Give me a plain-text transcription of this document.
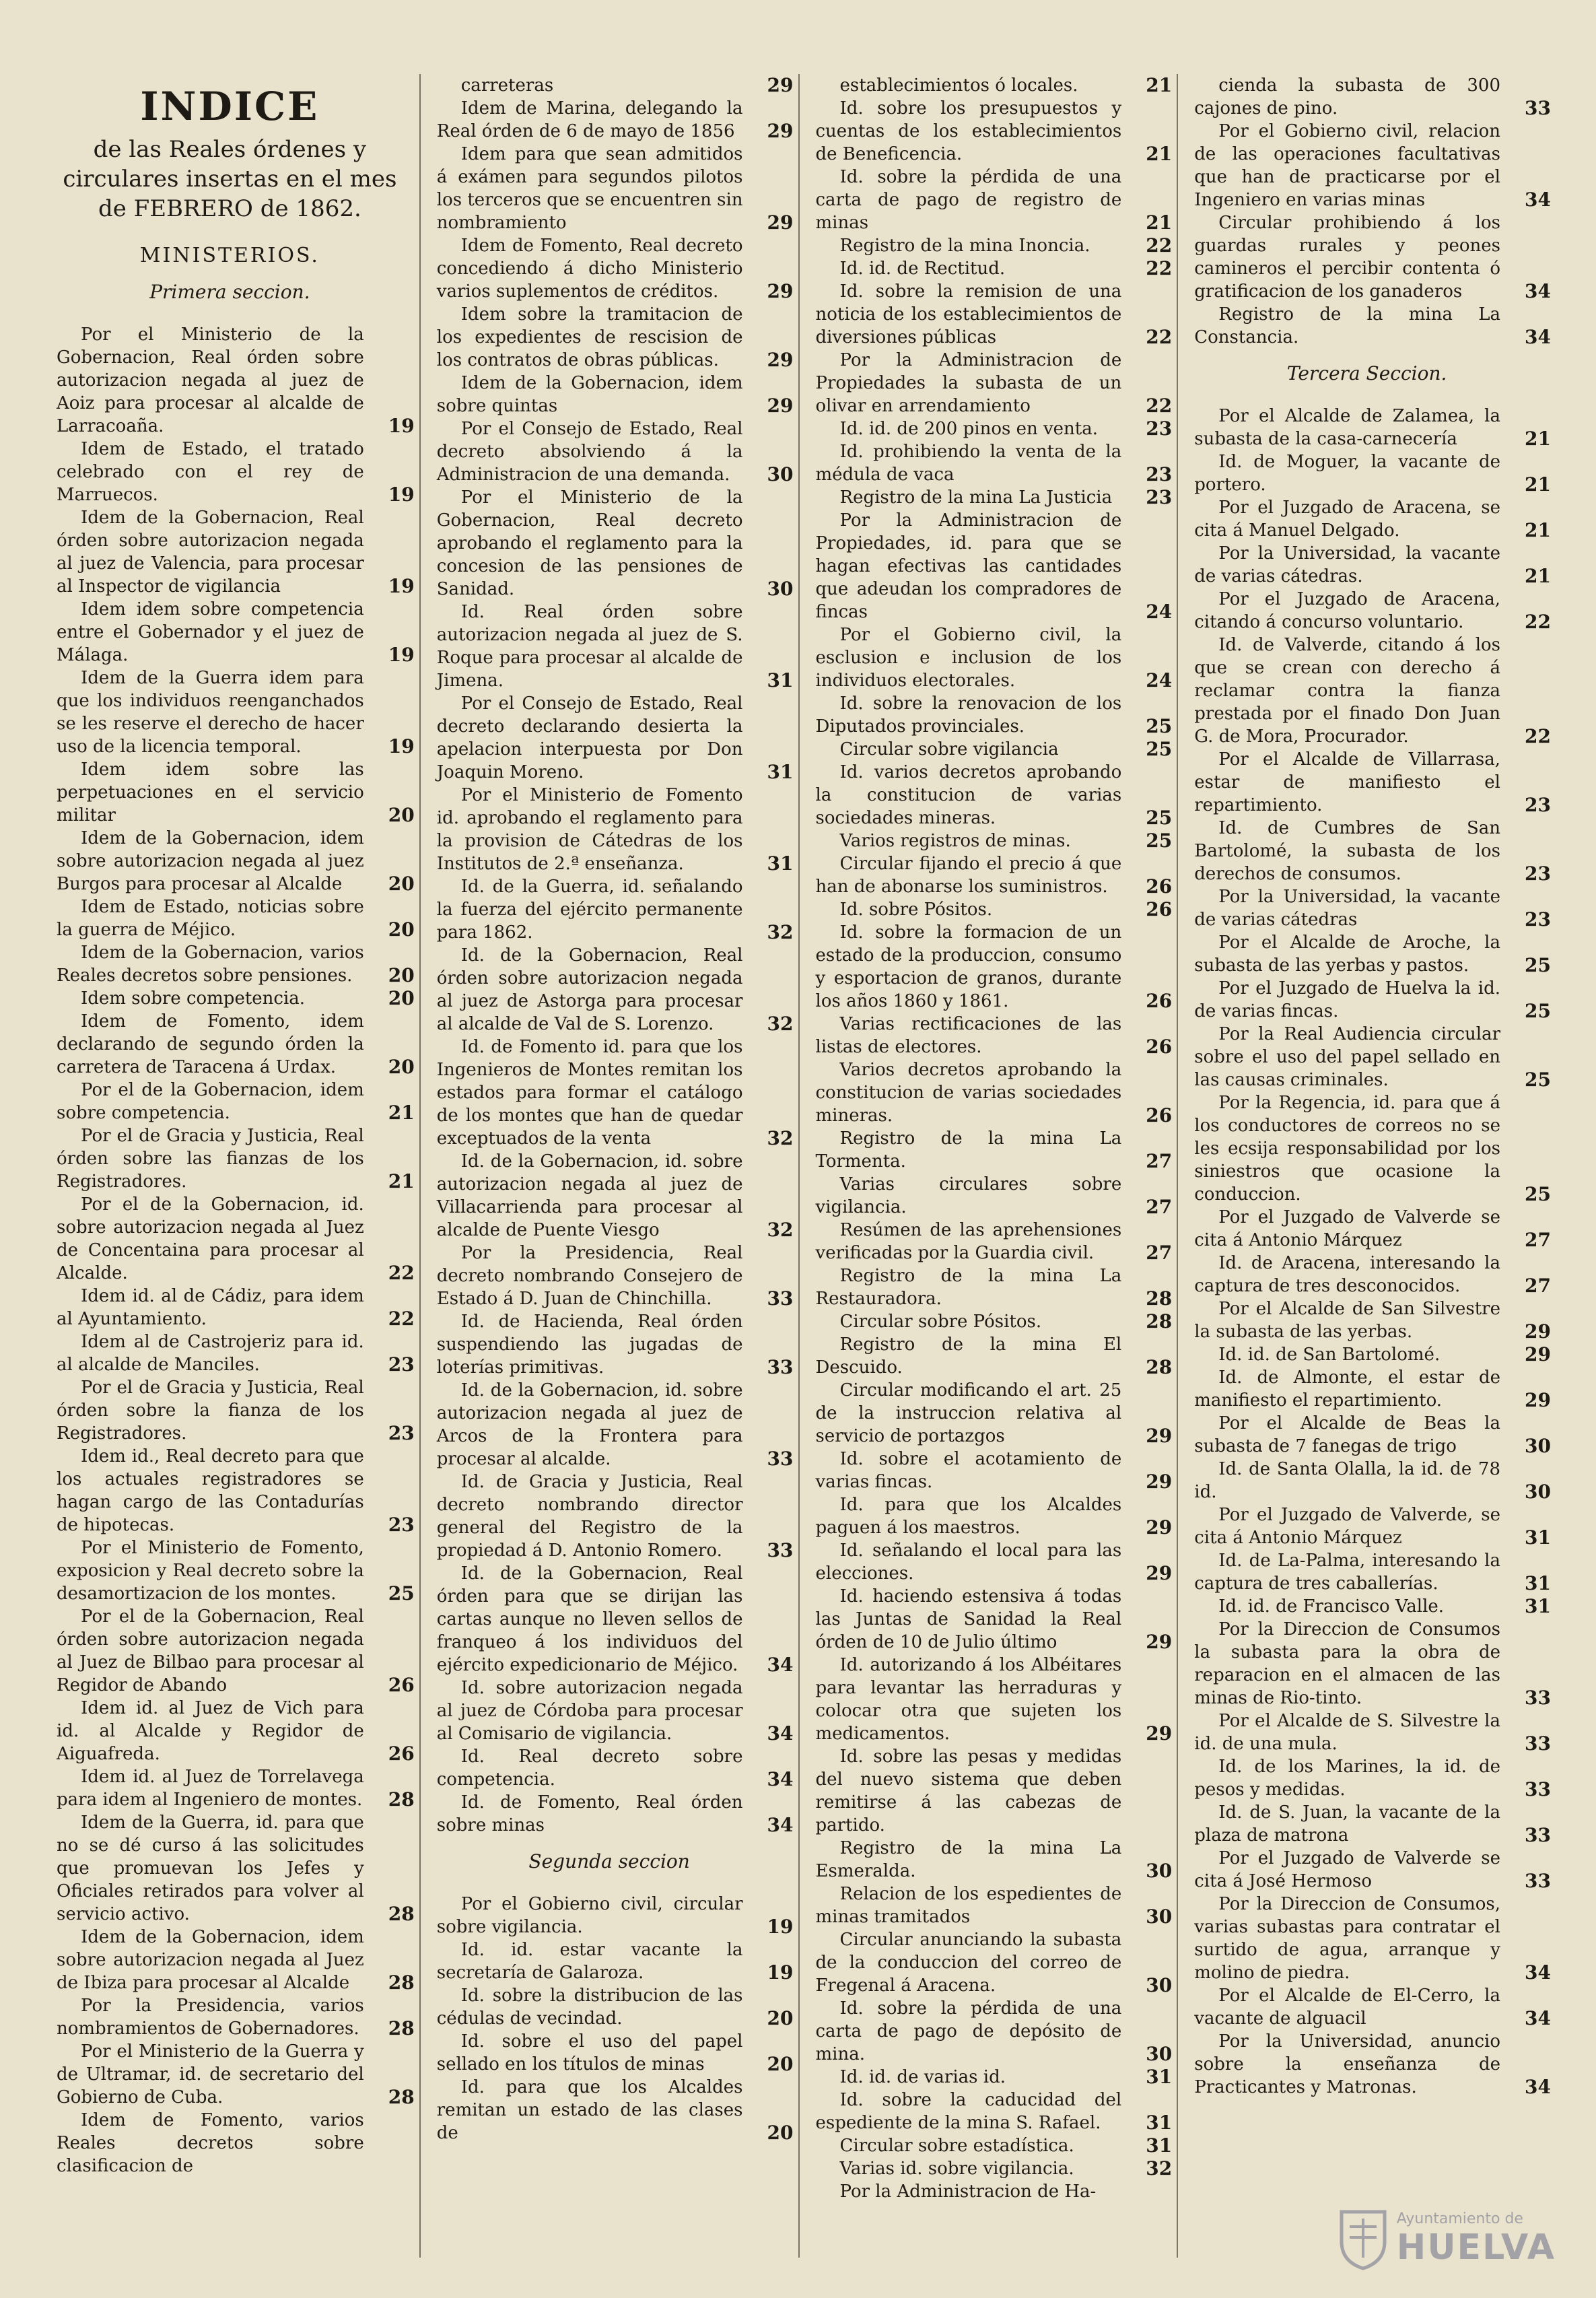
INDICE
de las Reales órdenes y circulares insertas en el mes de FEBRERO de 1862.
MINISTERIOS.
Primera seccion.
Por el Ministerio de la Gobernacion, Real órden sobre autorizacion negada al juez de Aoiz para procesar al alcalde de Larracoaña.	19
Idem de Estado, el tratado celebrado con el rey de Marruecos.	19
Idem de la Gobernacion, Real órden sobre autorizacion negada al juez de Valencia, para procesar al Inspector de vigilancia	19
Idem idem sobre competencia entre el Gobernador y el juez de Málaga.	19
Idem de la Guerra idem para que los individuos reenganchados se les reserve el derecho de hacer uso de la licencia temporal.	19
Idem idem sobre las perpetuaciones en el servicio militar	20
Idem de la Gobernacion, idem sobre autorizacion negada al juez Burgos para procesar al Alcalde	20
Idem de Estado, noticias sobre la guerra de Méjico.	20
Idem de la Gobernacion, varios Reales decretos sobre pensiones.	20
Idem sobre competencia.	20
Idem de Fomento, idem declarando de segundo órden la carretera de Taracena á Urdax.	20
Por el de la Gobernacion, idem sobre competencia.	21
Por el de Gracia y Justicia, Real órden sobre las fianzas de los Registradores.	21
Por el de la Gobernacion, id. sobre autorizacion negada al Juez de Concentaina para procesar al Alcalde.	22
Idem id. al de Cádiz, para idem al Ayuntamiento.	22
Idem al de Castrojeriz para id. al alcalde de Manciles.	23
Por el de Gracia y Justicia, Real órden sobre la fianza de los Registradores.	23
Idem id., Real decreto para que los actuales registradores se hagan cargo de las Contadurías de hipotecas.	23
Por el Ministerio de Fomento, exposicion y Real decreto sobre la desamortizacion de los montes.	25
Por el de la Gobernacion, Real órden sobre autorizacion negada al Juez de Bilbao para procesar al Regidor de Abando	26
Idem id. al Juez de Vich para id. al Alcalde y Regidor de Aiguafreda.	26
Idem id. al Juez de Torrelavega para idem al Ingeniero de montes.	28
Idem de la Guerra, id. para que no se dé curso á las solicitudes que promuevan los Jefes y Oficiales retirados para volver al servicio activo.	28
Idem de la Gobernacion, idem sobre autorizacion negada al Juez de Ibiza para procesar al Alcalde	28
Por la Presidencia, varios nombramientos de Gobernadores.	28
Por el Ministerio de la Guerra y de Ultramar, id. de secretario del Gobierno de Cuba.	28
Idem de Fomento, varios Reales decretos sobre clasificacion de
carreteras	29
Idem de Marina, delegando la Real órden de 6 de mayo de 1856	29
Idem para que sean admitidos á exámen para segundos pilotos los terceros que se encuentren sin nombramiento	29
Idem de Fomento, Real decreto concediendo á dicho Ministerio varios suplementos de créditos.	29
Idem sobre la tramitacion de los expedientes de rescision de los contratos de obras públicas.	29
Idem de la Gobernacion, idem sobre quintas	29
Por el Consejo de Estado, Real decreto absolviendo á la Administracion de una demanda.	30
Por el Ministerio de la Gobernacion, Real decreto aprobando el reglamento para la concesion de las pensiones de Sanidad.	30
Id. Real órden sobre autorizacion negada al juez de S. Roque para procesar al alcalde de Jimena.	31
Por el Consejo de Estado, Real decreto declarando desierta la apelacion interpuesta por Don Joaquin Moreno.	31
Por el Ministerio de Fomento id. aprobando el reglamento para la provision de Cátedras de los Institutos de 2.ª enseñanza.	31
Id. de la Guerra, id. señalando la fuerza del ejército permanente para 1862.	32
Id. de la Gobernacion, Real órden sobre autorizacion negada al juez de Astorga para procesar al alcalde de Val de S. Lorenzo.	32
Id. de Fomento id. para que los Ingenieros de Montes remitan los estados para formar el catálogo de los montes que han de quedar exceptuados de la venta	32
Id. de la Gobernacion, id. sobre autorizacion negada al juez de Villacarrienda para procesar al alcalde de Puente Viesgo	32
Por la Presidencia, Real decreto nombrando Consejero de Estado á D. Juan de Chinchilla.	33
Id. de Hacienda, Real órden suspendiendo las jugadas de loterías primitivas.	33
Id. de la Gobernacion, id. sobre autorizacion negada al juez de Arcos de la Frontera para procesar al alcalde.	33
Id. de Gracia y Justicia, Real decreto nombrando director general del Registro de la propiedad á D. Antonio Romero.	33
Id. de la Gobernacion, Real órden para que se dirijan las cartas aunque no lleven sellos de franqueo á los individuos del ejército expedicionario de Méjico.	34
Id. sobre autorizacion negada al juez de Córdoba para procesar al Comisario de vigilancia.	34
Id. Real decreto sobre competencia.	34
Id. de Fomento, Real órden sobre minas	34
Segunda seccion
Por el Gobierno civil, circular sobre vigilancia.	19
Id. id. estar vacante la secretaría de Galaroza.	19
Id. sobre la distribucion de las cédulas de vecindad.	20
Id. sobre el uso del papel sellado en los títulos de minas	20
Id. para que los Alcaldes remitan un estado de las clases de	20
establecimientos ó locales.	21
Id. sobre los presupuestos y cuentas de los establecimientos de Beneficencia.	21
Id. sobre la pérdida de una carta de pago de registro de minas	21
Registro de la mina Inoncia.	22
Id. id. de Rectitud.	22
Id. sobre la remision de una noticia de los establecimientos de diversiones públicas	22
Por la Administracion de Propiedades la subasta de un olivar en arrendamiento	22
Id. id. de 200 pinos en venta.	23
Id. prohibiendo la venta de la médula de vaca	23
Registro de la mina La Justicia	23
Por la Administracion de Propiedades, id. para que se hagan efectivas las cantidades que adeudan los compradores de fincas	24
Por el Gobierno civil, la esclusion e inclusion de los individuos electorales.	24
Id. sobre la renovacion de los Diputados provinciales.	25
Circular sobre vigilancia	25
Id. varios decretos aprobando la constitucion de varias sociedades mineras.	25
Varios registros de minas.	25
Circular fijando el precio á que han de abonarse los suministros.	26
Id. sobre Pósitos.	26
Id. sobre la formacion de un estado de la produccion, consumo y esportacion de granos, durante los años 1860 y 1861.	26
Varias rectificaciones de las listas de electores.	26
Varios decretos aprobando la constitucion de varias sociedades mineras.	26
Registro de la mina La Tormenta.	27
Varias circulares sobre vigilancia.	27
Resúmen de las aprehensiones verificadas por la Guardia civil.	27
Registro de la mina La Restauradora.	28
Circular sobre Pósitos.	28
Registro de la mina El Descuido.	28
Circular modificando el art. 25 de la instruccion relativa al servicio de portazgos	29
Id. sobre el acotamiento de varias fincas.	29
Id. para que los Alcaldes paguen á los maestros.	29
Id. señalando el local para las elecciones.	29
Id. haciendo estensiva á todas las Juntas de Sanidad la Real órden de 10 de Julio último	29
Id. autorizando á los Albéitares para levantar las herraduras y colocar otra que sujeten los medicamentos.	29
Id. sobre las pesas y medidas del nuevo sistema que deben remitirse á las cabezas de partido.
Registro de la mina La Esmeralda.	30
Relacion de los espedientes de minas tramitados	30
Circular anunciando la subasta de la conduccion del correo de Fregenal á Aracena.	30
Id. sobre la pérdida de una carta de pago de depósito de mina.	30
Id. id. de varias id.	31
Id. sobre la caducidad del espediente de la mina S. Rafael.	31
Circular sobre estadística.	31
Varias id. sobre vigilancia.	32
Por la Administracion de Ha-
cienda la subasta de 300 cajones de pino.	33
Por el Gobierno civil, relacion de las operaciones facultativas que han de practicarse por el Ingeniero en varias minas	34
Circular prohibiendo á los guardas rurales y peones camineros el percibir contenta ó gratificacion de los ganaderos	34
Registro de la mina La Constancia.	34
Tercera Seccion.
Por el Alcalde de Zalamea, la subasta de la casa-carnecería	21
Id. de Moguer, la vacante de portero.	21
Por el Juzgado de Aracena, se cita á Manuel Delgado.	21
Por la Universidad, la vacante de varias cátedras.	21
Por el Juzgado de Aracena, citando á concurso voluntario.	22
Id. de Valverde, citando á los que se crean con derecho á reclamar contra la fianza prestada por el finado Don Juan G. de Mora, Procurador.	22
Por el Alcalde de Villarrasa, estar de manifiesto el repartimiento.	23
Id. de Cumbres de San Bartolomé, la subasta de los derechos de consumos.	23
Por la Universidad, la vacante de varias cátedras	23
Por el Alcalde de Aroche, la subasta de las yerbas y pastos.	25
Por el Juzgado de Huelva la id. de varias fincas.	25
Por la Real Audiencia circular sobre el uso del papel sellado en las causas criminales.	25
Por la Regencia, id. para que á los conductores de correos no se les ecsija responsabilidad por los siniestros que ocasione la conduccion.	25
Por el Juzgado de Valverde se cita á Antonio Márquez	27
Id. de Aracena, interesando la captura de tres desconocidos.	27
Por el Alcalde de San Silvestre la subasta de las yerbas.	29
Id. id. de San Bartolomé.	29
Id. de Almonte, el estar de manifiesto el repartimiento.	29
Por el Alcalde de Beas la subasta de 7 fanegas de trigo	30
Id. de Santa Olalla, la id. de 78 id.	30
Por el Juzgado de Valverde, se cita á Antonio Márquez	31
Id. de La-Palma, interesando la captura de tres caballerías.	31
Id. id. de Francisco Valle.	31
Por la Direccion de Consumos la subasta para la obra de reparacion en el almacen de las minas de Rio-tinto.	33
Por el Alcalde de S. Silvestre la id. de una mula.	33
Id. de los Marines, la id. de pesos y medidas.	33
Id. de S. Juan, la vacante de la plaza de matrona	33
Por el Juzgado de Valverde se cita á José Hermoso	33
Por la Direccion de Consumos, varias subastas para contratar el surtido de agua, arranque y molino de piedra.	34
Por el Alcalde de El-Cerro, la vacante de alguacil	34
Por la Universidad, anuncio sobre la enseñanza de Practicantes y Matronas.	34
Ayuntamiento de
HUELVA
